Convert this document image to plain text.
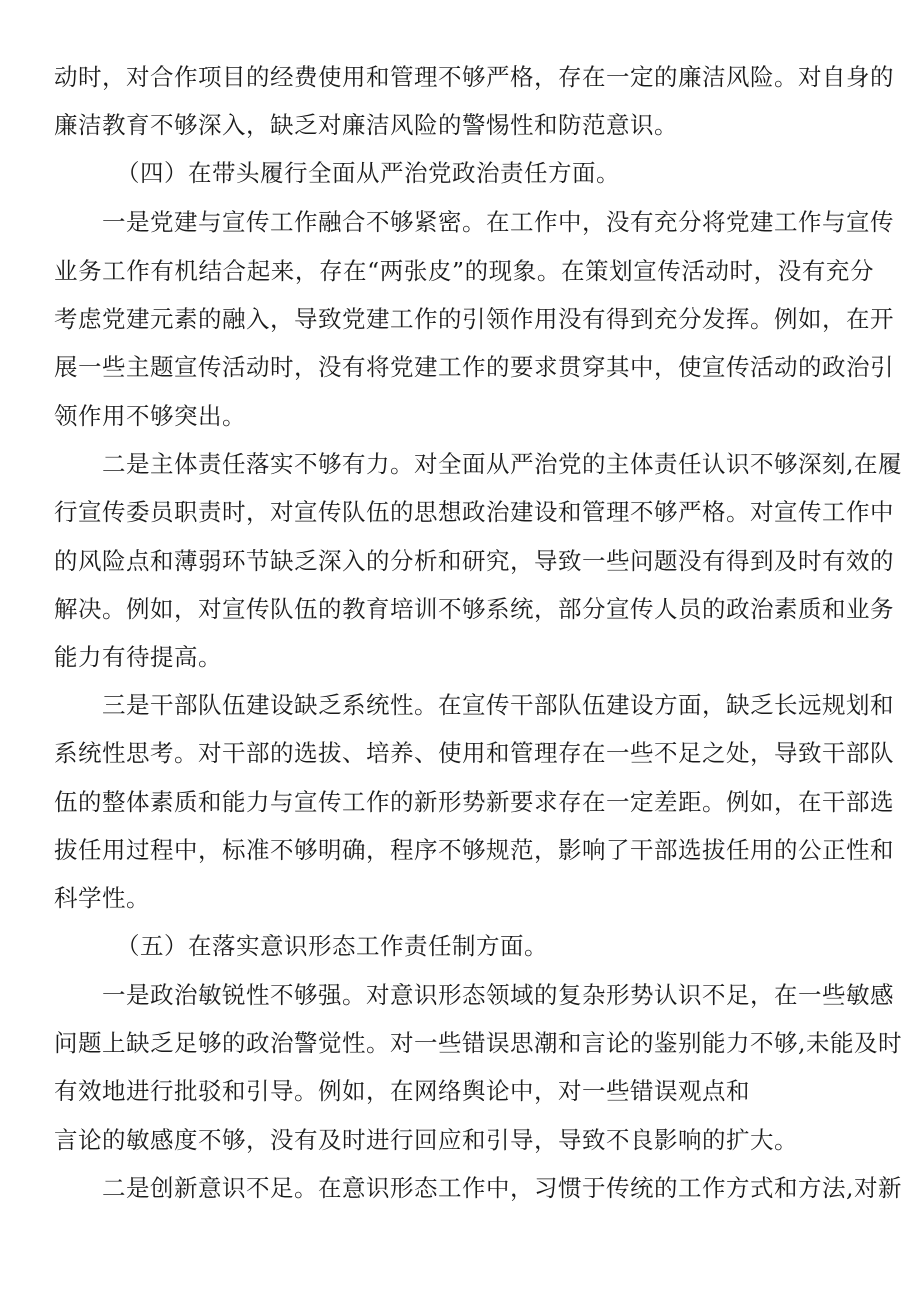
动时，对合作项目的经费使用和管理不够严格，存在一定的廉洁风险。对自身的
廉洁教育不够深入，缺乏对廉洁风险的警惕性和防范意识。
（四）在带头履行全面从严治党政治责任方面。
一是党建与宣传工作融合不够紧密。在工作中，没有充分将党建工作与宣传
业务工作有机结合起来，存在“两张皮”的现象。在策划宣传活动时，没有充分
考虑党建元素的融入，导致党建工作的引领作用没有得到充分发挥。例如，在开
展一些主题宣传活动时，没有将党建工作的要求贯穿其中，使宣传活动的政治引
领作用不够突出。
二是主体责任落实不够有力。对全面从严治党的主体责任认识不够深刻,在履
行宣传委员职责时，对宣传队伍的思想政治建设和管理不够严格。对宣传工作中
的风险点和薄弱环节缺乏深入的分析和研究，导致一些问题没有得到及时有效的
解决。例如，对宣传队伍的教育培训不够系统，部分宣传人员的政治素质和业务
能力有待提高。
三是干部队伍建设缺乏系统性。在宣传干部队伍建设方面，缺乏长远规划和
系统性思考。对干部的选拔、培养、使用和管理存在一些不足之处，导致干部队
伍的整体素质和能力与宣传工作的新形势新要求存在一定差距。例如，在干部选
拔任用过程中，标准不够明确，程序不够规范，影响了干部选拔任用的公正性和
科学性。
（五）在落实意识形态工作责任制方面。
一是政治敏锐性不够强。对意识形态领域的复杂形势认识不足，在一些敏感
问题上缺乏足够的政治警觉性。对一些错误思潮和言论的鉴别能力不够,未能及时
有效地进行批驳和引导。例如，在网络舆论中，对一些错误观点和
言论的敏感度不够，没有及时进行回应和引导，导致不良影响的扩大。
二是创新意识不足。在意识形态工作中，习惯于传统的工作方式和方法,对新
